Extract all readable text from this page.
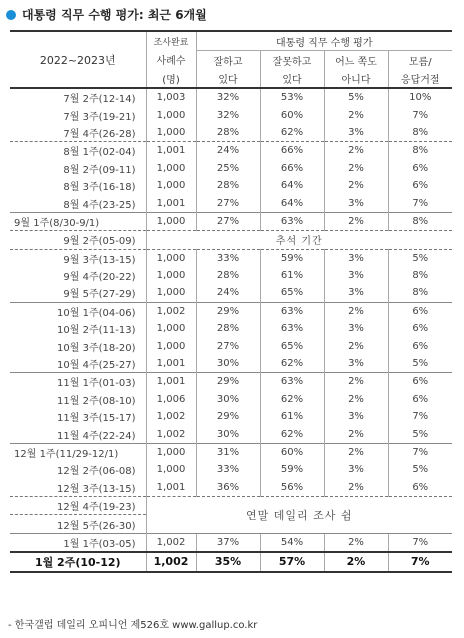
대통령 직무 수행 평가: 최근 6개월
2022~2023년	조사완료	대통령 직무 수행 평가			
	사례수	잘하고	잘못하고	어느 쪽도	모름/
	(명)	있다	있다	아니다	응답거절
7월 2주(12-14)	1,003	32%	53%	5%	10%
7월 3주(19-21)	1,000	32%	60%	2%	7%
7월 4주(26-28)	1,000	28%	62%	3%	8%
8월 1주(02-04)	1,001	24%	66%	2%	8%
8월 2주(09-11)	1,000	25%	66%	2%	6%
8월 3주(16-18)	1,000	28%	64%	2%	6%
8월 4주(23-25)	1,001	27%	64%	3%	7%
9월 1주(8/30-9/1)	1,000	27%	63%	2%	8%
9월 2주(05-09)	추석 기간				
9월 3주(13-15)	1,000	33%	59%	3%	5%
9월 4주(20-22)	1,000	28%	61%	3%	8%
9월 5주(27-29)	1,000	24%	65%	3%	8%
10월 1주(04-06)	1,002	29%	63%	2%	6%
10월 2주(11-13)	1,000	28%	63%	3%	6%
10월 3주(18-20)	1,000	27%	65%	2%	6%
10월 4주(25-27)	1,001	30%	62%	3%	5%
11월 1주(01-03)	1,001	29%	63%	2%	6%
11월 2주(08-10)	1,006	30%	62%	2%	6%
11월 3주(15-17)	1,002	29%	61%	3%	7%
11월 4주(22-24)	1,002	30%	62%	2%	5%
12월 1주(11/29-12/1)	1,000	31%	60%	2%	7%
12월 2주(06-08)	1,000	33%	59%	3%	5%
12월 3주(13-15)	1,001	36%	56%	2%	6%
12월 4주(19-23)	연말 데일리 조사 쉼				
12월 5주(26-30)					
1월 1주(03-05)	1,002	37%	54%	2%	7%
1월 2주(10-12)	1,002	35%	57%	2%	7%
- 한국갤럽 데일리 오피니언 제526호 www.gallup.co.kr
